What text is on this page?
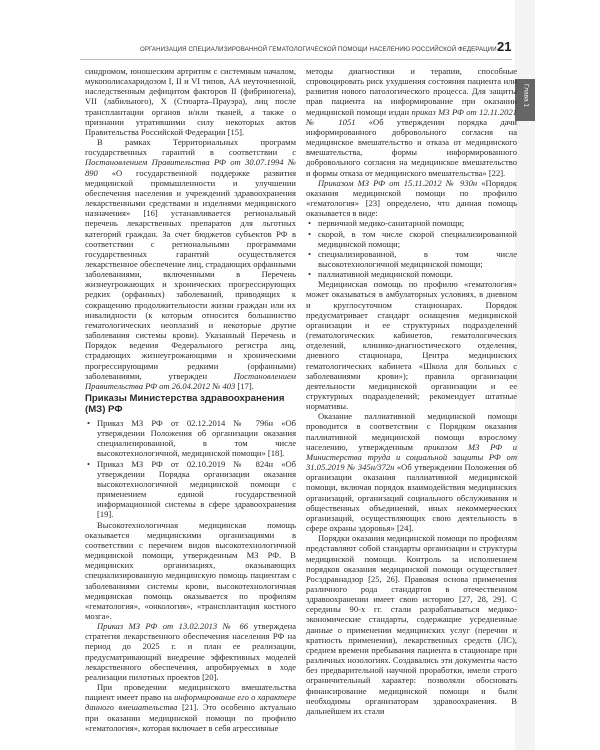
Глава 1
ОРГАНИЗАЦИЯ СПЕЦИАЛИЗИРОВАННОЙ ГЕМАТОЛОГИЧЕСКОЙ ПОМОЩИ НАСЕЛЕНИЮ РОССИЙСКОЙ ФЕДЕРАЦИИ 21

синдромом, юношеским артритом с системным началом, мукополисахаридозом I, II и VI типов, АА неуточненной, наследственным дефицитом факторов II (фибриногена), VII (лабильного), X (Стюарта–Прауэра), лиц после трансплантации органов и/или тканей, а также о признании утратившими силу некоторых актов Правительства Российской Федерации [15].

В рамках Территориальных программ государственных гарантий в соответствии с Постановлением Правительства РФ от 30.07.1994 № 890 «О государственной поддержке развития медицинской промышленности и улучшении обеспечения населения и учреждений здравоохранения лекарственными средствами и изделиями медицинского назначения» [16] устанавливается региональный перечень лекарственных препаратов для льготных категорий граждан. За счет бюджетов субъектов РФ в соответствии с региональными программами государственных гарантий осуществляется лекарственное обеспечение лиц, страдающих орфанными заболеваниями, включенными в Перечень жизнеугрожающих и хронических прогрессирующих редких (орфанных) заболеваний, приводящих к сокращению продолжительности жизни граждан или их инвалидности (к которым относится большинство гематологических неоплазий и некоторые другие заболевания системы крови). Указанный Перечень и Порядок ведения Федерального регистра лиц, страдающих жизнеугрожающими и хроническими прогрессирующими редкими (орфанными) заболеваниями, утвержден Постановлением Правительства РФ от 26.04.2012 № 403 [17].

Приказы Министерства здравоохранения (МЗ) РФ
• Приказ МЗ РФ от 02.12.2014 № 796н «Об утверждении Положения об организации оказания специализированной, в том числе высокотехнологичной, медицинской помощи» [18].
• Приказ МЗ РФ от 02.10.2019 № 824н «Об утверждении Порядка организации оказания высокотехнологичной медицинской помощи с применением единой государственной информационной системы в сфере здравоохранения [19].

Высокотехнологичная медицинская помощь оказывается медицинскими организациями в соответствии с перечнем видов высокотехнологичной медицинской помощи, утвержденным МЗ РФ. В медицинских организациях, оказывающих специализированную медицинскую помощь пациентам с заболеваниями системы крови, высокотехнологичная медицинская помощь оказывается по профилям «гематология», «онкология», «трансплантация костного мозга».

Приказ МЗ РФ от 13.02.2013 № 66 утверждена стратегия лекарственного обеспечения населения РФ на период до 2025 г. и план ее реализации, предусматривающий внедрение эффективных моделей лекарственного обеспечения, апробируемых в ходе реализации пилотных проектов [20].

При проведении медицинского вмешательства пациент имеет право на информирование его о характере данного вмешательства [21]. Это особенно актуально при оказании медицинской помощи по профилю «гематология», которая включает в себя агрессивные

методы диагностики и терапии, способные спровоцировать риск ухудшения состояния пациента или развития нового патологического процесса. Для защиты прав пациента на информирование при оказании медицинской помощи издан приказ МЗ РФ от 12.11.2021 № 1051 «Об утверждении порядка дачи информированного добровольного согласия на медицинское вмешательство и отказа от медицинского вмешательства, формы информированного добровольного согласия на медицинское вмешательство и формы отказа от медицинского вмешательства» [22].

Приказом МЗ РФ от 15.11.2012 № 930н «Порядок оказания медицинской помощи по профилю «гематология» [23] определено, что данная помощь оказывается в виде:

• первичной медико-санитарной помощи;
• скорой, в том числе скорой специализированной медицинской помощи;
• специализированной, в том числе высокотехнологичной медицинской помощи;
• паллиативной медицинской помощи.

Медицинская помощь по профилю «гематология» может оказываться в амбулаторных условиях, в дневном и круглосуточном стационарах. Порядок предусматривает стандарт оснащения медицинской организации и ее структурных подразделений (гематологических кабинетов, гематологических отделений, клинико-диагностического отделения, дневного стационара, Центра медицинских гематологических кабинета «Школа для больных с заболеваниями крови»); правила организации деятельности медицинской организации и ее структурных подразделений; рекомендует штатные нормативы.

Оказание паллиативной медицинской помощи проводится в соответствии с Порядком оказания паллиативной медицинской помощи взрослому населению, утвержденным приказом МЗ РФ и Министерства труда и социальной защиты РФ от 31.05.2019 № 345н/372н «Об утверждении Положения об организации оказания паллиативной медицинской помощи, включая порядок взаимодействия медицинских организаций, организаций социального обслуживания и общественных объединений, иных некоммерческих организаций, осуществляющих свою деятельность в сфере охраны здоровья» [24].

Порядки оказания медицинской помощи по профилям представляют собой стандарты организации и структуры медицинской помощи. Контроль за исполнением порядков оказания медицинской помощи осуществляет Росздравнадзор [25, 26]. Правовая основа применения различного рода стандартов в отечественном здравоохранении имеет свою историю [27, 28, 29]. С середины 90-х гг. стали разрабатываться медико-экономические стандарты, содержащие усредненные данные о применении медицинских услуг (перечни и кратность применения), лекарственных средств (ЛС), среднем времени пребывания пациента в стационаре при различных нозологиях. Создавались эти документы часто без предварительной научной проработки, имели строго ограничительный характер: позволяли обосновать финансирование медицинской помощи и были необходимы организаторам здравоохранения. В дальнейшем их стали
